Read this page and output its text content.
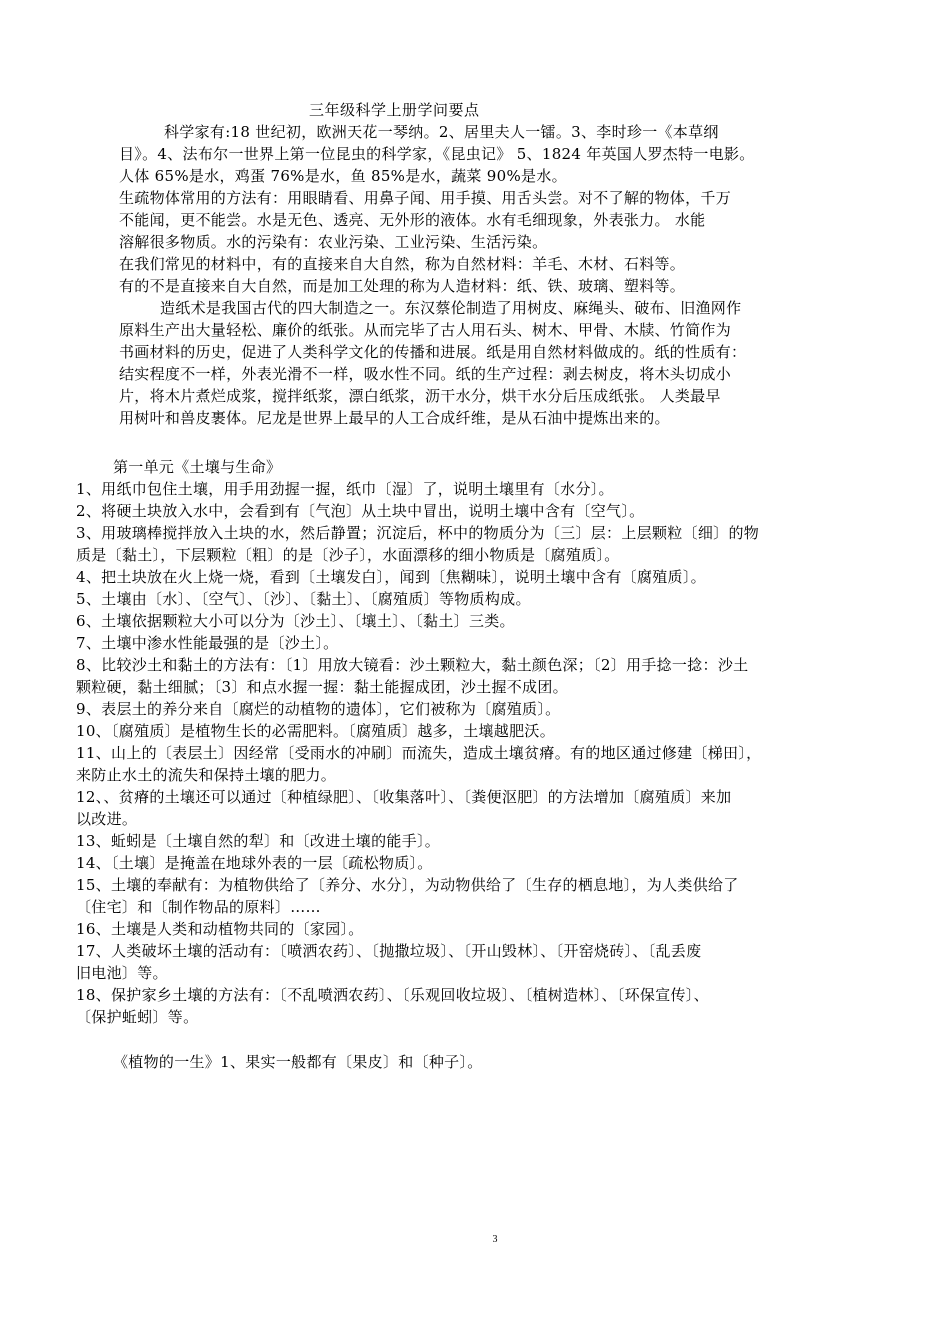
三年级科学上册学问要点
科学家有:18 世纪初，欧洲天花一琴纳。2、居里夫人一镭。3、李时珍一《本草纲
目》。4、法布尔一世界上第一位昆虫的科学家，《昆虫记》 5、1824 年英国人罗杰特一电影。
人体 65%是水，鸡蛋 76%是水，鱼 85%是水，蔬菜 90%是水。
生疏物体常用的方法有：用眼睛看、用鼻子闻、用手摸、用舌头尝。对不了解的物体，千万
不能闻，更不能尝。水是无色、透亮、无外形的液体。水有毛细现象，外表张力。 水能
溶解很多物质。水的污染有：农业污染、工业污染、生活污染。
在我们常见的材料中，有的直接来自大自然，称为自然材料：羊毛、木材、石料等。
有的不是直接来自大自然，而是加工处理的称为人造材料：纸、铁、玻璃、塑料等。
造纸术是我国古代的四大制造之一。东汉蔡伦制造了用树皮、麻绳头、破布、旧渔网作
原料生产出大量轻松、廉价的纸张。从而完毕了古人用石头、树木、甲骨、木牍、竹简作为
书画材料的历史，促进了人类科学文化的传播和进展。纸是用自然材料做成的。纸的性质有：
结实程度不一样，外表光滑不一样，吸水性不同。纸的生产过程：剥去树皮，将木头切成小
片，将木片煮烂成浆，搅拌纸浆，漂白纸浆，沥干水分，烘干水分后压成纸张。 人类最早
用树叶和兽皮裹体。尼龙是世界上最早的人工合成纤维，是从石油中提炼出来的。
第一单元《土壤与生命》
1、用纸巾包住土壤，用手用劲握一握，纸巾〔湿〕了，说明土壤里有〔水分〕。
2、将硬土块放入水中，会看到有〔气泡〕从土块中冒出，说明土壤中含有〔空气〕。
3、用玻璃棒搅拌放入土块的水，然后静置；沉淀后，杯中的物质分为〔三〕层：上层颗粒〔细〕的物
质是〔黏土〕，下层颗粒〔粗〕的是〔沙子〕，水面漂移的细小物质是〔腐殖质〕。
4、把土块放在火上烧一烧，看到〔土壤发白〕，闻到〔焦糊味〕，说明土壤中含有〔腐殖质〕。
5、土壤由〔水〕、〔空气〕、〔沙〕、〔黏土〕、〔腐殖质〕等物质构成。
6、土壤依据颗粒大小可以分为〔沙土〕、〔壤土〕、〔黏土〕三类。
7、土壤中渗水性能最强的是〔沙土〕。
8、比较沙土和黏土的方法有：〔1〕用放大镜看：沙土颗粒大，黏土颜色深；〔2〕用手捻一捻：沙土
颗粒硬，黏土细腻；〔3〕和点水握一握：黏土能握成团，沙土握不成团。
9、表层土的养分来自〔腐烂的动植物的遗体〕，它们被称为〔腐殖质〕。
10、〔腐殖质〕是植物生长的必需肥料。〔腐殖质〕越多，土壤越肥沃。
11、山上的〔表层土〕因经常〔受雨水的冲刷〕而流失，造成土壤贫瘠。有的地区通过修建〔梯田〕，
来防止水土的流失和保持土壤的肥力。
12、、贫瘠的土壤还可以通过〔种植绿肥〕、〔收集落叶〕、〔粪便沤肥〕的方法增加〔腐殖质〕来加
以改进。
13、蚯蚓是〔土壤自然的犁〕和〔改进土壤的能手〕。
14、〔土壤〕是掩盖在地球外表的一层〔疏松物质〕。
15、土壤的奉献有：为植物供给了〔养分、水分〕，为动物供给了〔生存的栖息地〕，为人类供给了
〔住宅〕和〔制作物品的原料〕……
16、土壤是人类和动植物共同的〔家园〕。
17、人类破坏土壤的活动有：〔喷洒农药〕、〔抛撒垃圾〕、〔开山毁林〕、〔开窑烧砖〕、〔乱丢废
旧电池〕等。
18、保护家乡土壤的方法有：〔不乱喷洒农药〕、〔乐观回收垃圾〕、〔植树造林〕、〔环保宣传〕、
〔保护蚯蚓〕等。
《植物的一生》1、果实一般都有〔果皮〕和〔种子〕。
3
